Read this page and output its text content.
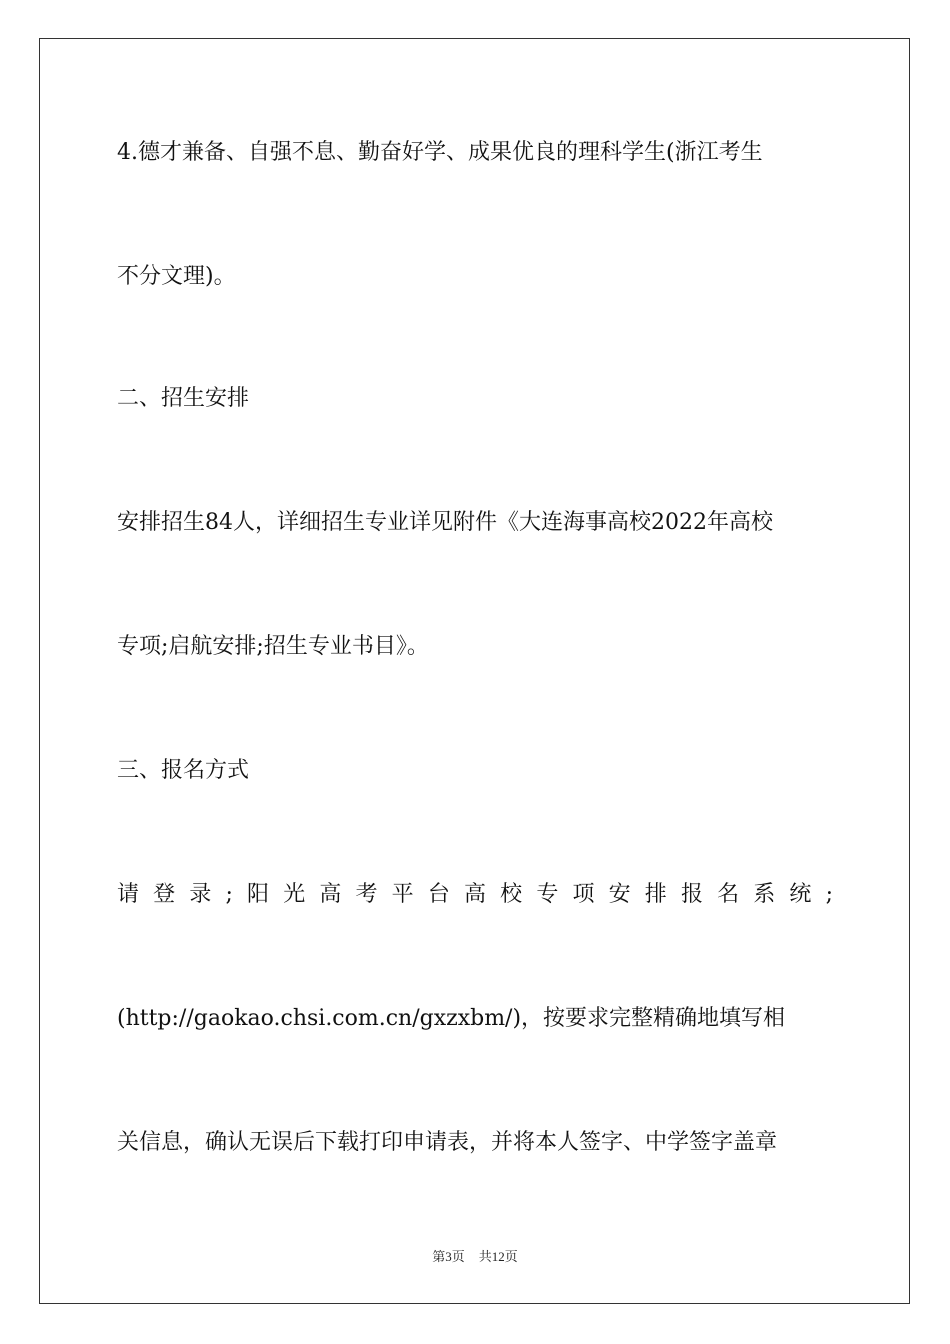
4.德才兼备、自强不息、勤奋好学、成果优良的理科学生(浙江考生
不分文理)。
二、招生安排
安排招生84人，详细招生专业详见附件《大连海事高校2022年高校
专项;启航安排;招生专业书目》。
三、报名方式
请登录;阳光高考平台高校专项安排报名系统;
(http://gaokao.chsi.com.cn/gxzxbm/)，按要求完整精确地填写相
关信息，确认无误后下载打印申请表，并将本人签字、中学签字盖章
第3页 共12页
